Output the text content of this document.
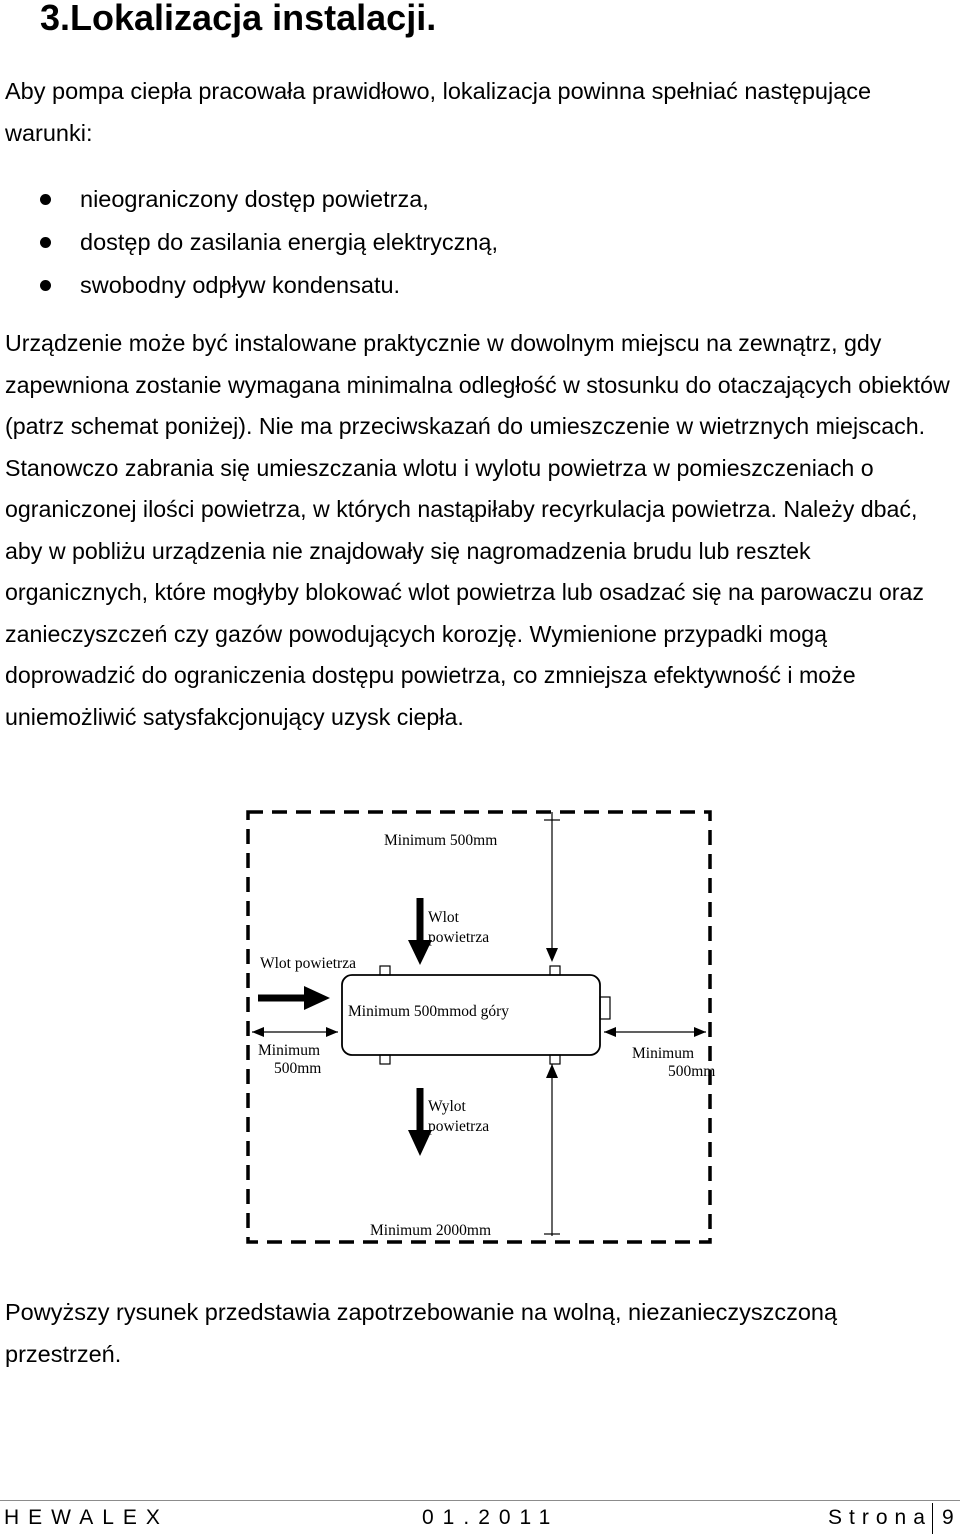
3.Lokalizacja instalacji.
Aby pompa ciepła pracowała prawidłowo, lokalizacja powinna spełniać następujące warunki:
nieograniczony dostęp powietrza,
dostęp do zasilania energią elektryczną,
swobodny odpływ kondensatu.
Urządzenie może być instalowane praktycznie w dowolnym miejscu na zewnątrz, gdy zapewniona zostanie wymagana minimalna odległość w stosunku do otaczających obiektów (patrz schemat poniżej). Nie ma przeciwskazań do umieszczenie w wietrznych miejscach. Stanowczo zabrania się umieszczania wlotu i wylotu powietrza w pomieszczeniach o ograniczonej ilości powietrza, w których nastąpiłaby recyrkulacja powietrza. Należy dbać, aby w pobliżu urządzenia nie znajdowały się nagromadzenia brudu lub resztek organicznych, które mogłyby blokować wlot powietrza lub osadzać się na parowaczu oraz zanieczyszczeń czy gazów powodujących korozję. Wymienione przypadki mogą doprowadzić do ograniczenia dostępu powietrza, co zmniejsza efektywność i może uniemożliwić satysfakcjonujący uzysk ciepła.
Minimum 500mm
Wlot
powietrza
Wlot powietrza
Minimum 500mmod góry
Minimum
500mm
Minimum
500mm
Wylot
powietrza
Minimum 2000mm
Powyższy rysunek przedstawia zapotrzebowanie na wolną, niezanieczyszczoną przestrzeń.
HEWALEX	01.2011	Strona 9
